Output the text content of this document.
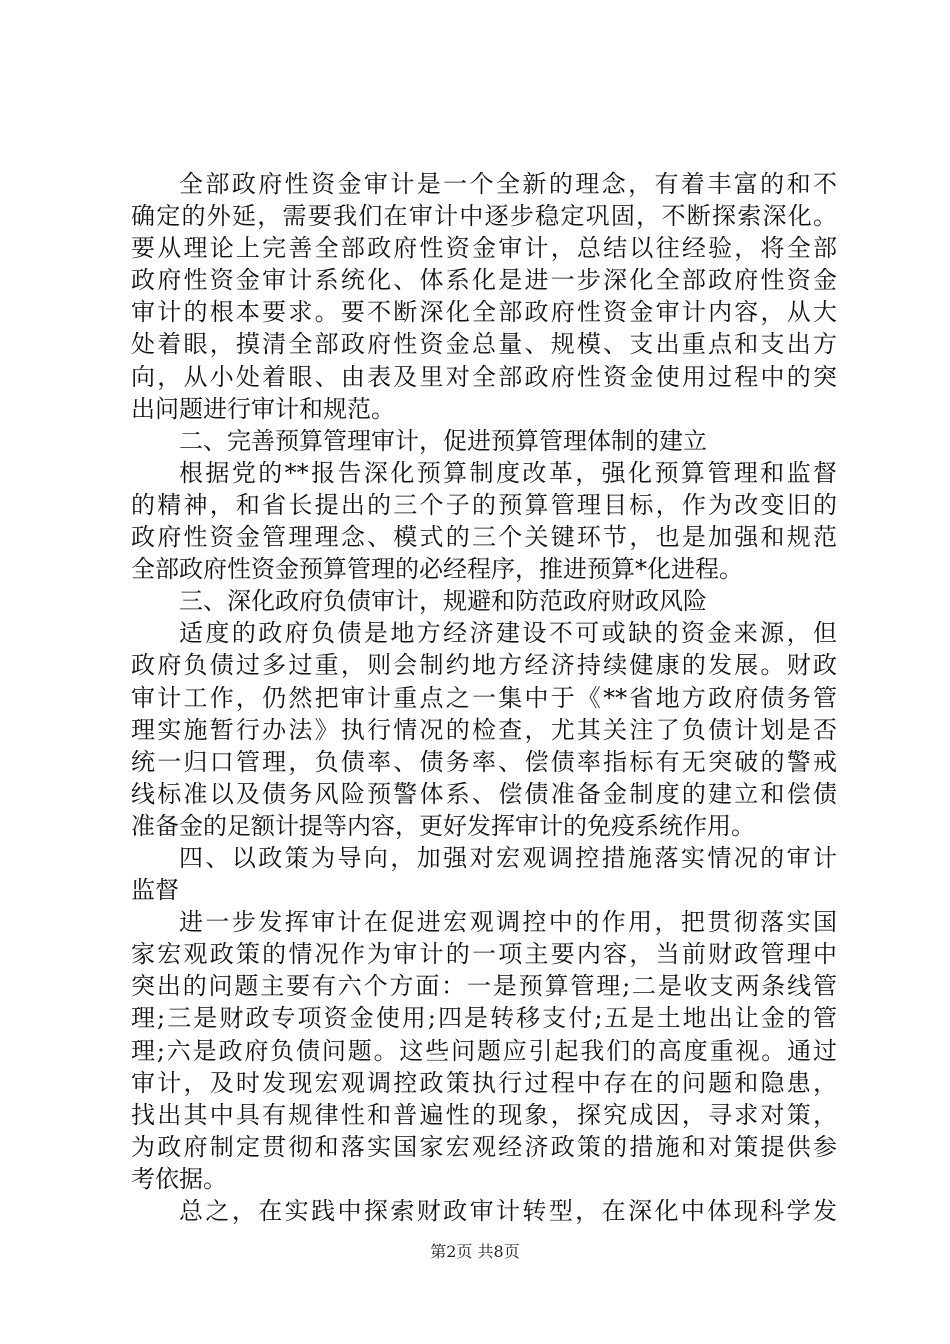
全部政府性资金审计是一个全新的理念，有着丰富的和不
确定的外延，需要我们在审计中逐步稳定巩固，不断探索深化。
要从理论上完善全部政府性资金审计，总结以往经验，将全部
政府性资金审计系统化、体系化是进一步深化全部政府性资金
审计的根本要求。要不断深化全部政府性资金审计内容，从大
处着眼，摸清全部政府性资金总量、规模、支出重点和支出方
向，从小处着眼、由表及里对全部政府性资金使用过程中的突
出问题进行审计和规范。
二、完善预算管理审计，促进预算管理体制的建立
根据党的**报告深化预算制度改革，强化预算管理和监督
的精神，和省长提出的三个子的预算管理目标，作为改变旧的
政府性资金管理理念、模式的三个关键环节，也是加强和规范
全部政府性资金预算管理的必经程序，推进预算*化进程。
三、深化政府负债审计，规避和防范政府财政风险
适度的政府负债是地方经济建设不可或缺的资金来源，但
政府负债过多过重，则会制约地方经济持续健康的发展。财政
审计工作，仍然把审计重点之一集中于《**省地方政府债务管
理实施暂行办法》执行情况的检查，尤其关注了负债计划是否
统一归口管理，负债率、债务率、偿债率指标有无突破的警戒
线标准以及债务风险预警体系、偿债准备金制度的建立和偿债
准备金的足额计提等内容，更好发挥审计的免疫系统作用。
四、以政策为导向，加强对宏观调控措施落实情况的审计
监督
进一步发挥审计在促进宏观调控中的作用，把贯彻落实国
家宏观政策的情况作为审计的一项主要内容，当前财政管理中
突出的问题主要有六个方面：一是预算管理;二是收支两条线管
理;三是财政专项资金使用;四是转移支付;五是土地出让金的管
理;六是政府负债问题。这些问题应引起我们的高度重视。通过
审计，及时发现宏观调控政策执行过程中存在的问题和隐患，
找出其中具有规律性和普遍性的现象，探究成因，寻求对策，
为政府制定贯彻和落实国家宏观经济政策的措施和对策提供参
考依据。
总之，在实践中探索财政审计转型，在深化中体现科学发
第2页 共8页
